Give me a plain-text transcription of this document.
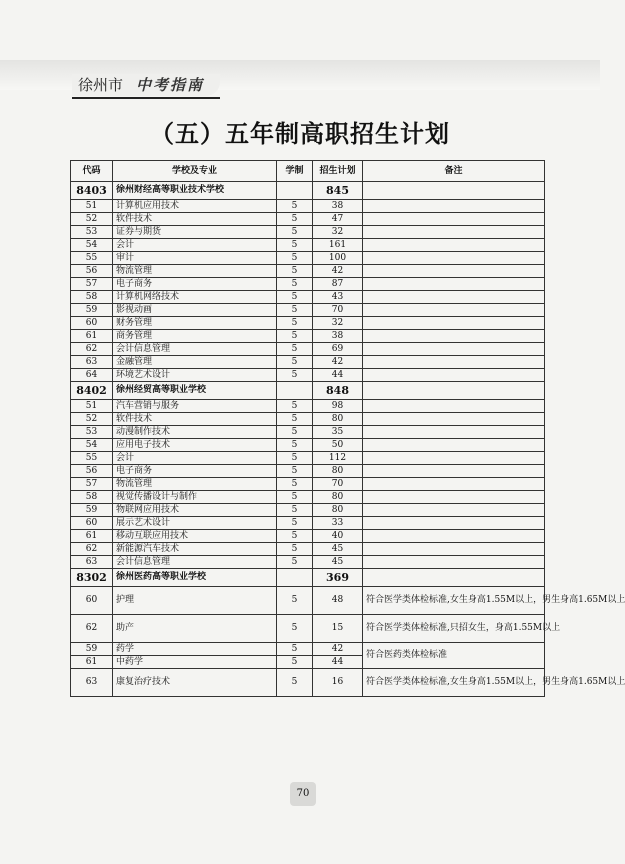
徐州市 中考指南
（五）五年制高职招生计划
代码	学校及专业	学制	招生计划	备注
8403	徐州财经高等职业技术学校		845	
51	计算机应用技术	5	38	
52	软件技术	5	47	
53	证券与期货	5	32	
54	会计	5	161	
55	审计	5	100	
56	物流管理	5	42	
57	电子商务	5	87	
58	计算机网络技术	5	43	
59	影视动画	5	70	
60	财务管理	5	32	
61	商务管理	5	38	
62	会计信息管理	5	69	
63	金融管理	5	42	
64	环境艺术设计	5	44	
8402	徐州经贸高等职业学校		848	
51	汽车营销与服务	5	98	
52	软件技术	5	80	
53	动漫制作技术	5	35	
54	应用电子技术	5	50	
55	会计	5	112	
56	电子商务	5	80	
57	物流管理	5	70	
58	视觉传播设计与制作	5	80	
59	物联网应用技术	5	80	
60	展示艺术设计	5	33	
61	移动互联应用技术	5	40	
62	新能源汽车技术	5	45	
63	会计信息管理	5	45	
8302	徐州医药高等职业学校		369	
60	护理	5	48	符合医学类体检标准,女生身高1.55M以上，男生身高1.65M以上
62	助产	5	15	符合医学类体检标准,只招女生，身高1.55M以上
59	药学	5	42	符合医药类体检标准
61	中药学	5	44	
63	康复治疗技术	5	16	符合医学类体检标准,女生身高1.55M以上，男生身高1.65M以上
70
